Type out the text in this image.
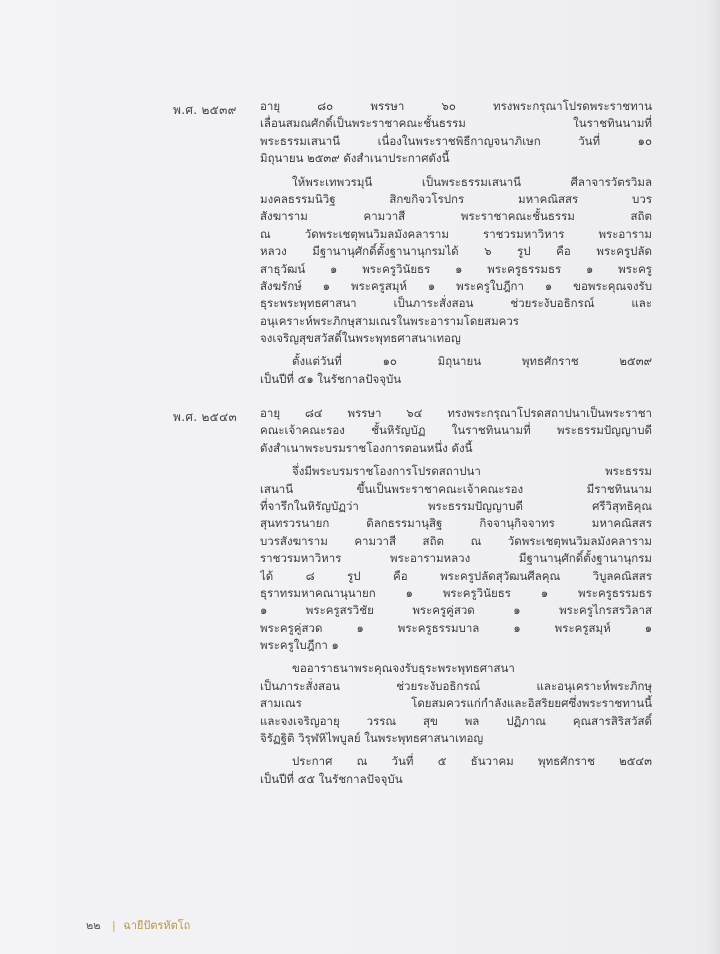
พ.ศ. ๒๕๓๙ อายุ ๘๐ พรรษา ๖๐ ทรงพระกรุณาโปรดพระราชทาน
เลื่อนสมณศักดิ์เป็นพระราชาคณะชั้นธรรม ในราชทินนามที่
พระธรรมเสนานี เนื่องในพระราชพิธีกาญจนาภิเษก วันที่ ๑๐
มิถุนายน ๒๕๓๙ ดังสำเนาประกาศดังนี้
ให้พระเทพวรมุนี เป็นพระธรรมเสนานี ศีลาจารวัตรวิมล
มงคลธรรมนิวิฐ สิกขกิจวโรปกร มหาคณิสสร บวร
สังฆาราม คามวาสี พระราชาคณะชั้นธรรม สถิต
ณ วัดพระเชตุพนวิมลมังคลาราม ราชวรมหาวิหาร พระอาราม
หลวง มีฐานานุศักดิ์ตั้งฐานานุกรมได้ ๖ รูป คือ พระครูปลัด
สาธุวัฒน์ ๑ พระครูวินัยธร ๑ พระครูธรรมธร ๑ พระครู
สังฆรักษ์ ๑ พระครูสมุห์ ๑ พระครูใบฎีกา ๑ ขอพระคุณจงรับ
ธุระพระพุทธศาสนา เป็นภาระสั่งสอน ช่วยระงับอธิกรณ์ และ
อนุเคราะห์พระภิกษุสามเณรในพระอารามโดยสมควร
จงเจริญสุขสวัสดิ์ในพระพุทธศาสนาเทอญ
ตั้งแต่วันที่ ๑๐ มิถุนายน พุทธศักราช ๒๕๓๙
เป็นปีที่ ๕๑ ในรัชกาลปัจจุบัน
พ.ศ. ๒๕๔๓ อายุ ๘๔ พรรษา ๖๔ ทรงพระกรุณาโปรดสถาปนาเป็นพระราชา
คณะเจ้าคณะรอง ชั้นหิรัญบัฏ ในราชทินนามที่ พระธรรมปัญญาบดี
ดังสำเนาพระบรมราชโองการตอนหนึ่ง ดังนี้
จึ่งมีพระบรมราชโองการโปรดสถาปนา พระธรรม
เสนานี ขึ้นเป็นพระราชาคณะเจ้าคณะรอง มีราชทินนาม
ที่จารึกในหิรัญบัฏว่า พระธรรมปัญญาบดี ศรีวิสุทธิคุณ
สุนทรวรนายก ดิลกธรรมานุสิฐ กิจจานุกิจจาทร มหาคณิสสร
บวรสังฆาราม คามวาสี สถิต ณ วัดพระเชตุพนวิมลมังคลาราม
ราชวรมหาวิหาร พระอารามหลวง มีฐานานุศักดิ์ตั้งฐานานุกรม
ได้ ๘ รูป คือ พระครูปลัดสุวัฒนศีลคุณ วิบูลคณิสสร
ธุราทรมหาคณานุนายก ๑ พระครูวินัยธร ๑ พระครูธรรมธร
๑ พระครูสรวิชัย พระครูคู่สวด ๑ พระครูไกรสรวิลาส
พระครูคู่สวด ๑ พระครูธรรมบาล ๑ พระครูสมุห์ ๑
พระครูใบฎีกา ๑
ขออาราธนาพระคุณจงรับธุระพระพุทธศาสนา
เป็นภาระสั่งสอน ช่วยระงับอธิกรณ์ และอนุเคราะห์พระภิกษุ
สามเณร โดยสมควรแก่กำลังและอิสริยยศซึ่งพระราชทานนี้
และจงเจริญอายุ วรรณ สุข พล ปฏิภาณ คุณสารสิริสวัสดิ์
จิรัฏฐิติ วิรุฬหิไพบูลย์ ในพระพุทธศาสนาเทอญ
ประกาศ ณ วันที่ ๕ ธันวาคม พุทธศักราช ๒๕๔๓
เป็นปีที่ ๕๕ ในรัชกาลปัจจุบัน
๒๒ | ฉายีปัตรหัตโถ
